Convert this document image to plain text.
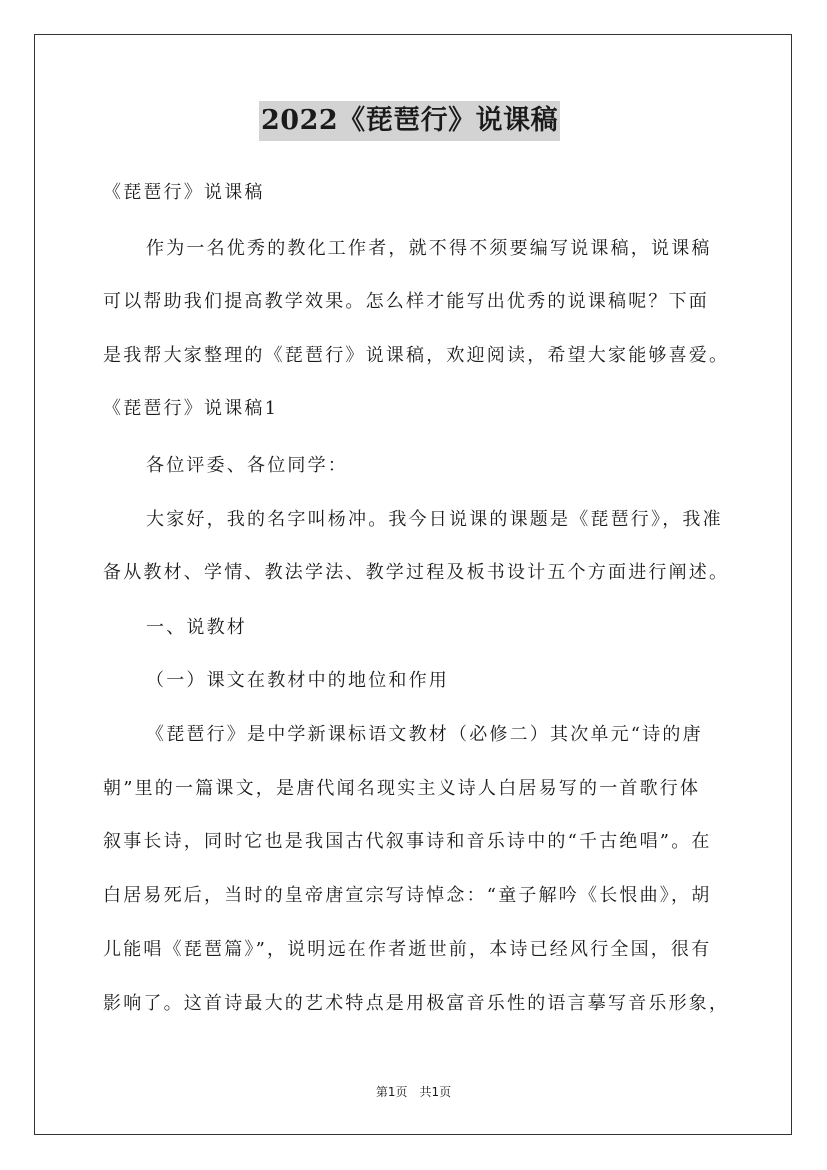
2022《琵琶行》说课稿
《琵琶行》说课稿
作为一名优秀的教化工作者，就不得不须要编写说课稿，说课稿
可以帮助我们提高教学效果。怎么样才能写出优秀的说课稿呢？下面
是我帮大家整理的《琵琶行》说课稿，欢迎阅读，希望大家能够喜爱。
《琵琶行》说课稿1
各位评委、各位同学：
大家好，我的名字叫杨冲。我今日说课的课题是《琵琶行》，我准
备从教材、学情、教法学法、教学过程及板书设计五个方面进行阐述。
一、说教材
（一）课文在教材中的地位和作用
《琵琶行》是中学新课标语文教材（必修二）其次单元“诗的唐
朝”里的一篇课文，是唐代闻名现实主义诗人白居易写的一首歌行体
叙事长诗，同时它也是我国古代叙事诗和音乐诗中的“千古绝唱”。在
白居易死后，当时的皇帝唐宣宗写诗悼念：“童子解吟《长恨曲》，胡
儿能唱《琵琶篇》”，说明远在作者逝世前，本诗已经风行全国，很有
影响了。这首诗最大的艺术特点是用极富音乐性的语言摹写音乐形象，
第1页　共1页
